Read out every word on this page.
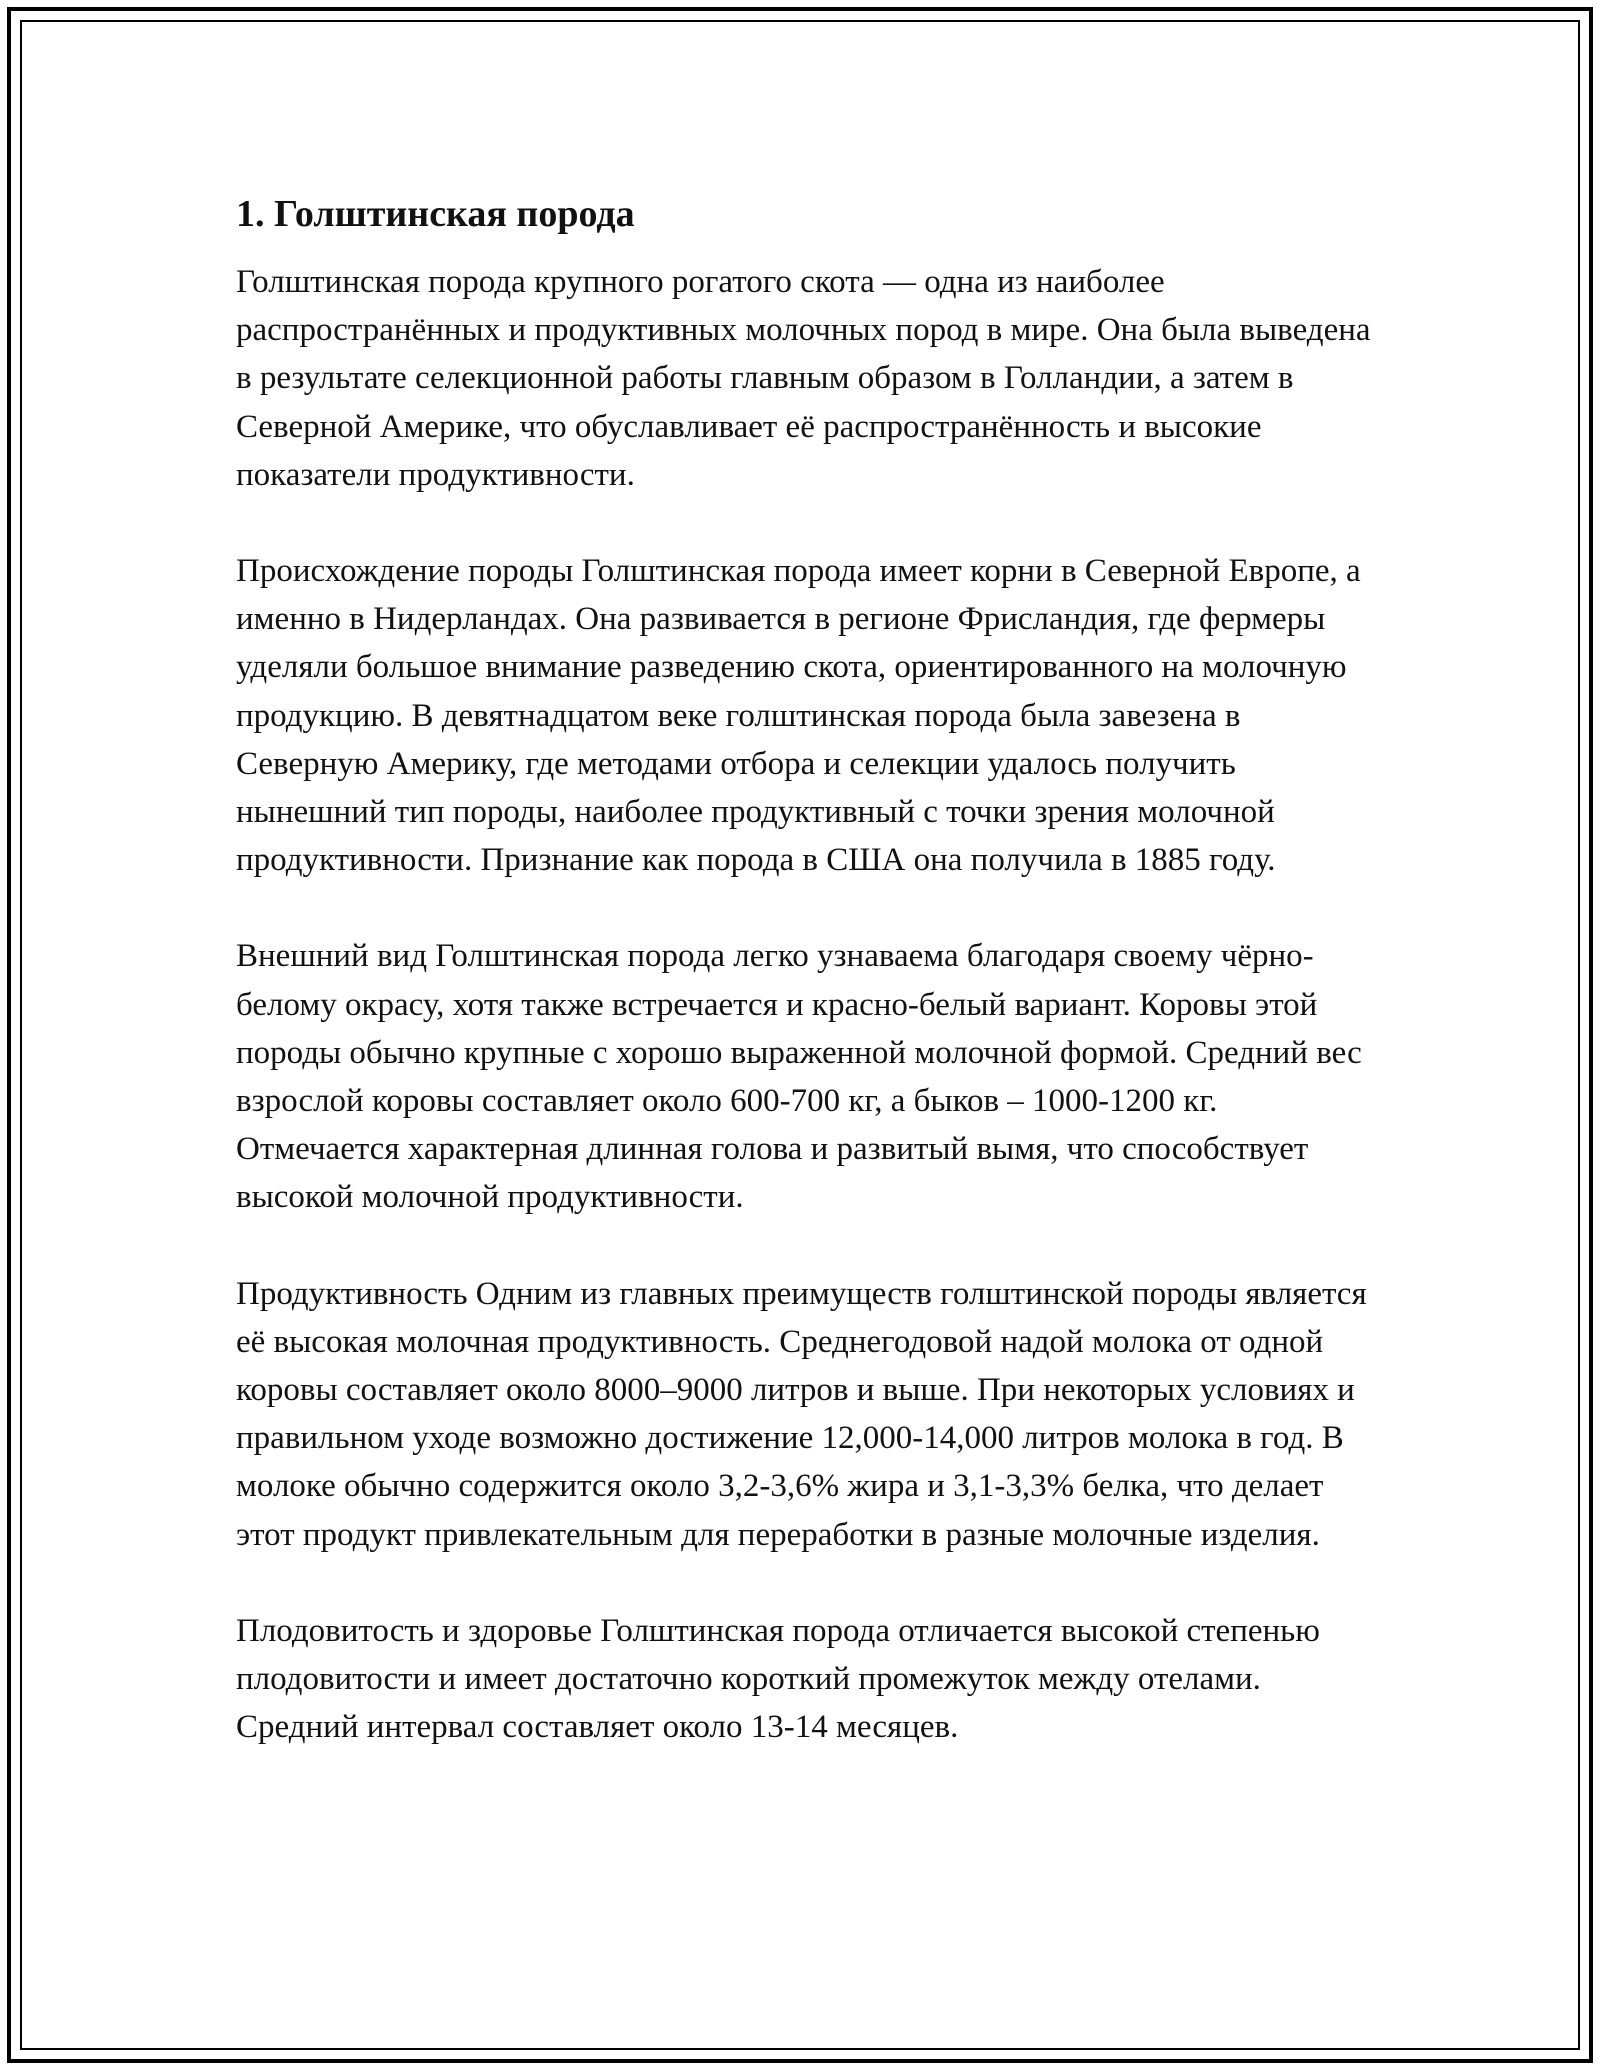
1. Голштинская порода

Голштинская порода крупного рогатого скота — одна из наиболее распространённых и продуктивных молочных пород в мире. Она была выведена в результате селекционной работы главным образом в Голландии, а затем в Северной Америке, что обуславливает её распространённость и высокие показатели продуктивности.

Происхождение породы Голштинская порода имеет корни в Северной Европе, а именно в Нидерландах. Она развивается в регионе Фрисландия, где фермеры уделяли большое внимание разведению скота, ориентированного на молочную продукцию. В девятнадцатом веке голштинская порода была завезена в Северную Америку, где методами отбора и селекции удалось получить нынешний тип породы, наиболее продуктивный с точки зрения молочной продуктивности. Признание как порода в США она получила в 1885 году.

Внешний вид Голштинская порода легко узнаваема благодаря своему чёрно-белому окрасу, хотя также встречается и красно-белый вариант. Коровы этой породы обычно крупные с хорошо выраженной молочной формой. Средний вес взрослой коровы составляет около 600-700 кг, а быков – 1000-1200 кг. Отмечается характерная длинная голова и развитый вымя, что способствует высокой молочной продуктивности.

Продуктивность Одним из главных преимуществ голштинской породы является её высокая молочная продуктивность. Среднегодовой надой молока от одной коровы составляет около 8000–9000 литров и выше. При некоторых условиях и правильном уходе возможно достижение 12,000-14,000 литров молока в год. В молоке обычно содержится около 3,2-3,6% жира и 3,1-3,3% белка, что делает этот продукт привлекательным для переработки в разные молочные изделия.

Плодовитость и здоровье Голштинская порода отличается высокой степенью плодовитости и имеет достаточно короткий промежуток между отелами. Средний интервал составляет около 13-14 месяцев.
